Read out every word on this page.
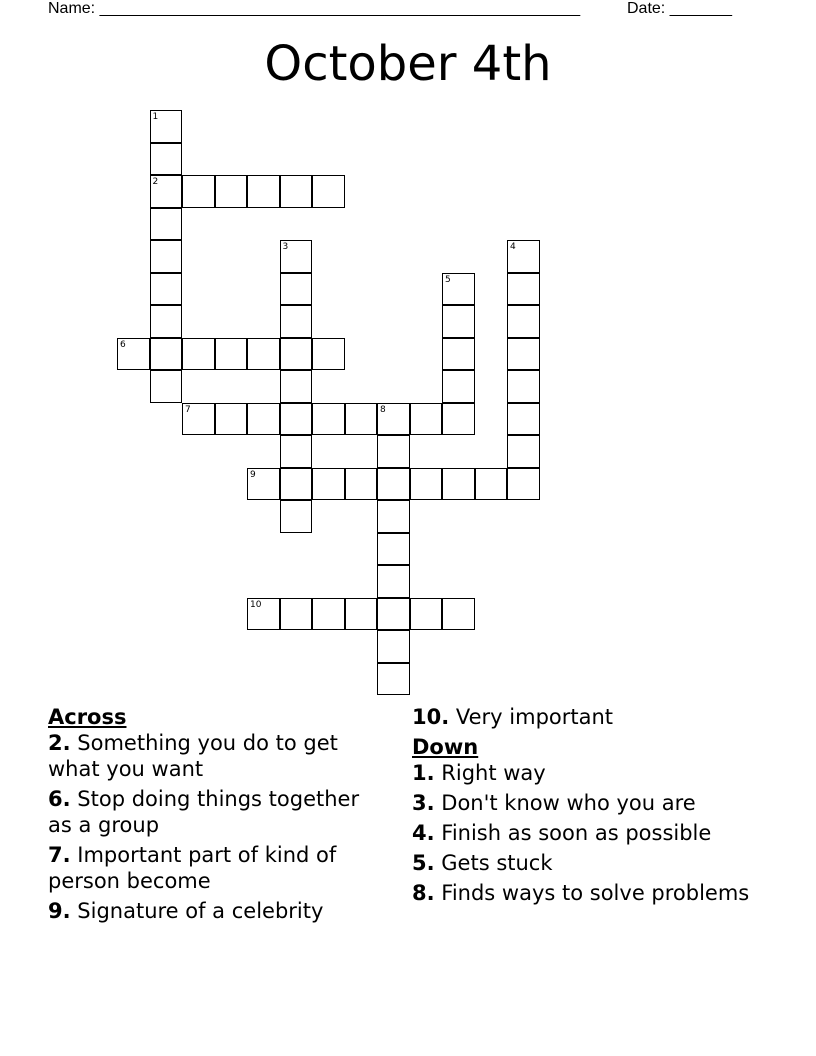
Name: ______________________________________________________	Date: _______
October 4th
1
2
3	4
5
8
6
7
9
10

Across

2. Something you do to get what you want

6. Stop doing things together as a group

7. Important part of kind of person become

9. Signature of a celebrity

10. Very important

Down

1. Right way

3. Don't know who you are

4. Finish as soon as possible

5. Gets stuck

8. Finds ways to solve problems
